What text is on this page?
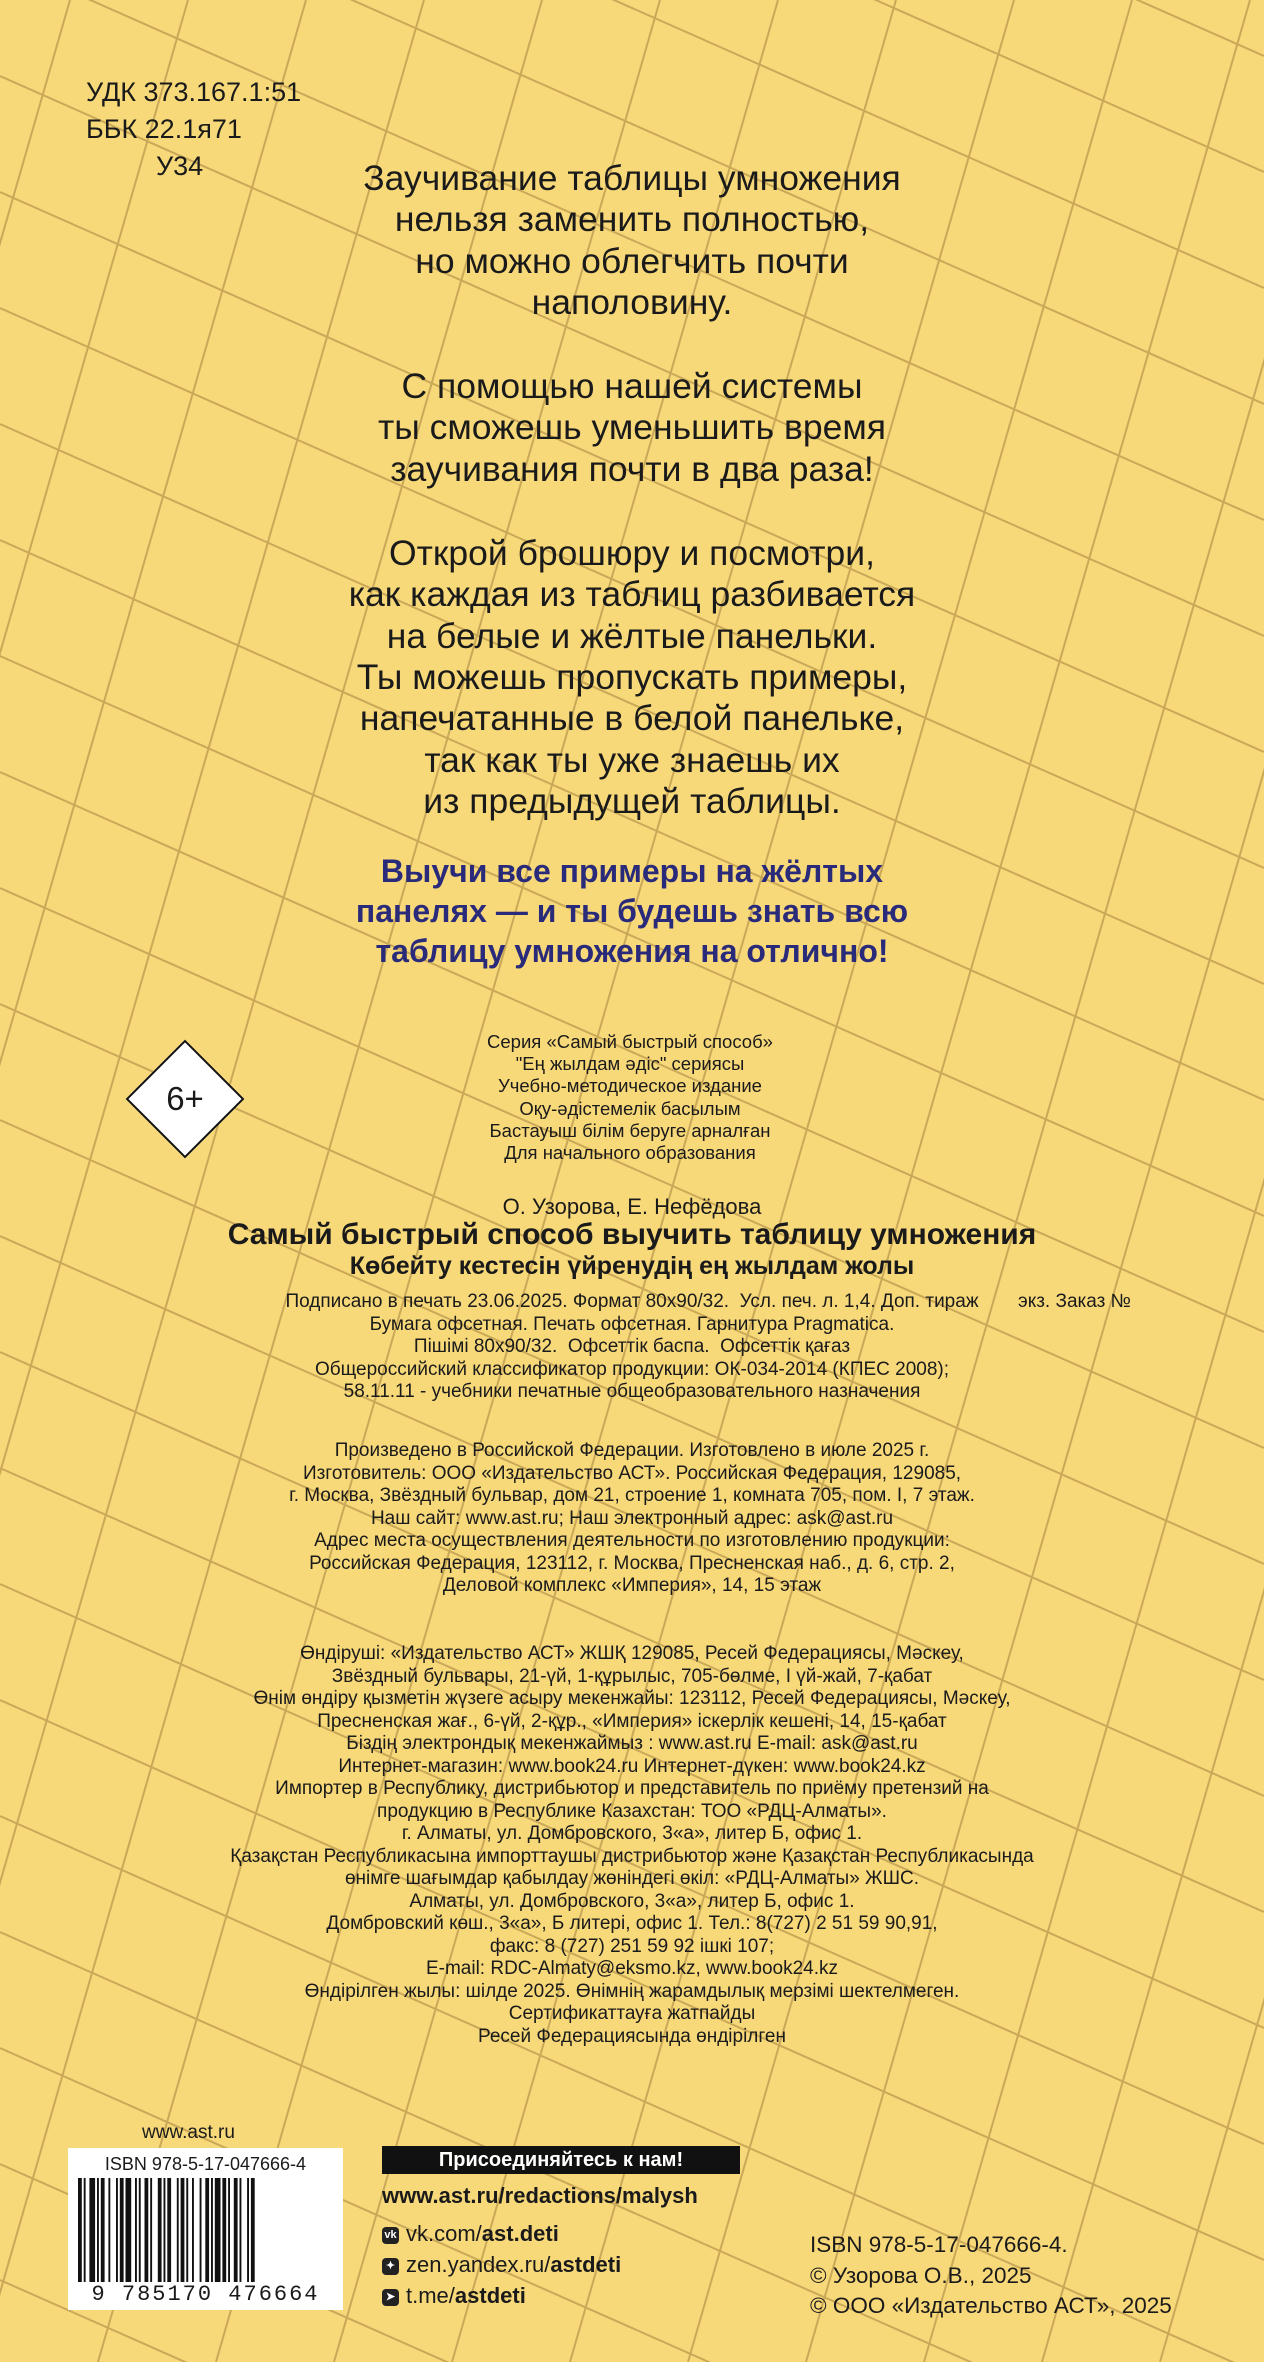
УДК 373.167.1:51
ББК 22.1я71
У34	Заучивание таблицы умножения
нельзя заменить полностью,
но можно облегчить почти
наполовину.

С помощью нашей системы
ты сможешь уменьшить время
заучивания почти в два раза!

Открой брошюру и посмотри,
как каждая из таблиц разбивается
на белые и жёлтые панельки.
Ты можешь пропускать примеры,
напечатанные в белой панельке,
так как ты уже знаешь их
из предыдущей таблицы.

Выучи все примеры на жёлтых
панелях — и ты будешь знать всю
таблицу умножения на отлично!
6+
Серия «Самый быстрый способ»
"Ең жылдам әдіс" сериясы
Учебно-методическое издание
Оқу-әдістемелік басылым
Бастауыш білім беруге арналған
Для начального образования
О. Узорова, Е. Нефёдова
Самый быстрый способ выучить таблицу умножения
Көбейту кестесін үйренудің ең жылдам жолы
Подписано в печать 23.06.2025. Формат 80х90/32.  Усл. печ. л. 1,4. Доп. тираж
Бумага офсетная. Печать офсетная. Гарнитура Pragmatica.
Пішімі 80х90/32.  Офсеттік баспа.  Офсеттік қағаз
Общероссийский классификатор продукции: ОК-034-2014 (КПЕС 2008);
58.11.11 - учебники печатные общеобразовательного назначения
экз. Заказ №
Произведено в Российской Федерации. Изготовлено в июле 2025 г.
Изготовитель: ООО «Издательство АСТ». Российская Федерация, 129085,
г. Москва, Звёздный бульвар, дом 21, строение 1, комната 705, пом. I, 7 этаж.
Наш сайт: www.ast.ru; Наш электронный адрес: ask@ast.ru
Адрес места осуществления деятельности по изготовлению продукции:
Российская Федерация, 123112, г. Москва, Пресненская наб., д. 6, стр. 2,
Деловой комплекс «Империя», 14, 15 этаж
Өндіруші: «Издательство АСТ» ЖШҚ 129085, Ресей Федерациясы, Мәскеу,
Звёздный бульвары, 21-үй, 1-құрылыс, 705-бөлме, I үй-жай, 7-қабат
Өнім өндіру қызметін жүзеге асыру мекенжайы: 123112, Ресей Федерациясы, Мәскеу,
Пресненская жағ., 6-үй, 2-құр., «Империя» іскерлік кешені, 14, 15-қабат
Біздің электрондық мекенжаймыз : www.ast.ru E-mail: ask@ast.ru
Интернет-магазин: www.book24.ru Интернет-дүкен: www.book24.kz
Импортер в Республику, дистрибьютор и представитель по приёму претензий на
продукцию в Республике Казахстан: ТОО «РДЦ-Алматы».
г. Алматы, ул. Домбровского, 3«а», литер Б, офис 1.
Қазақстан Республикасына импорттаушы дистрибьютор және Қазақстан Республикасында
өнімге шағымдар қабылдау жөніндегі өкіл: «РДЦ-Алматы» ЖШС.
Алматы, ул. Домбровского, 3«а», литер Б, офис 1.
Домбровский көш., 3«а», Б литері, офис 1. Тел.: 8(727) 2 51 59 90,91,
факс: 8 (727) 251 59 92 ішкі 107;
E-mail: RDC-Almaty@eksmo.kz, www.book24.kz
Өндірілген жылы: шілде 2025. Өнімнің жарамдылық мерзімі шектелмеген.
Сертификаттауға жатпайды
Ресей Федерациясында өндірілген
www.ast.ru
ISBN 978-5-17-047666-4
9 785170 476664
Присоединяйтесь к нам!
www.ast.ru/redactions/malysh
vk vk.com/ast.deti
✦ zen.yandex.ru/astdeti
➤ t.me/astdeti
ISBN 978-5-17-047666-4.
© Узорова О.В., 2025
© ООО «Издательство АСТ», 2025
